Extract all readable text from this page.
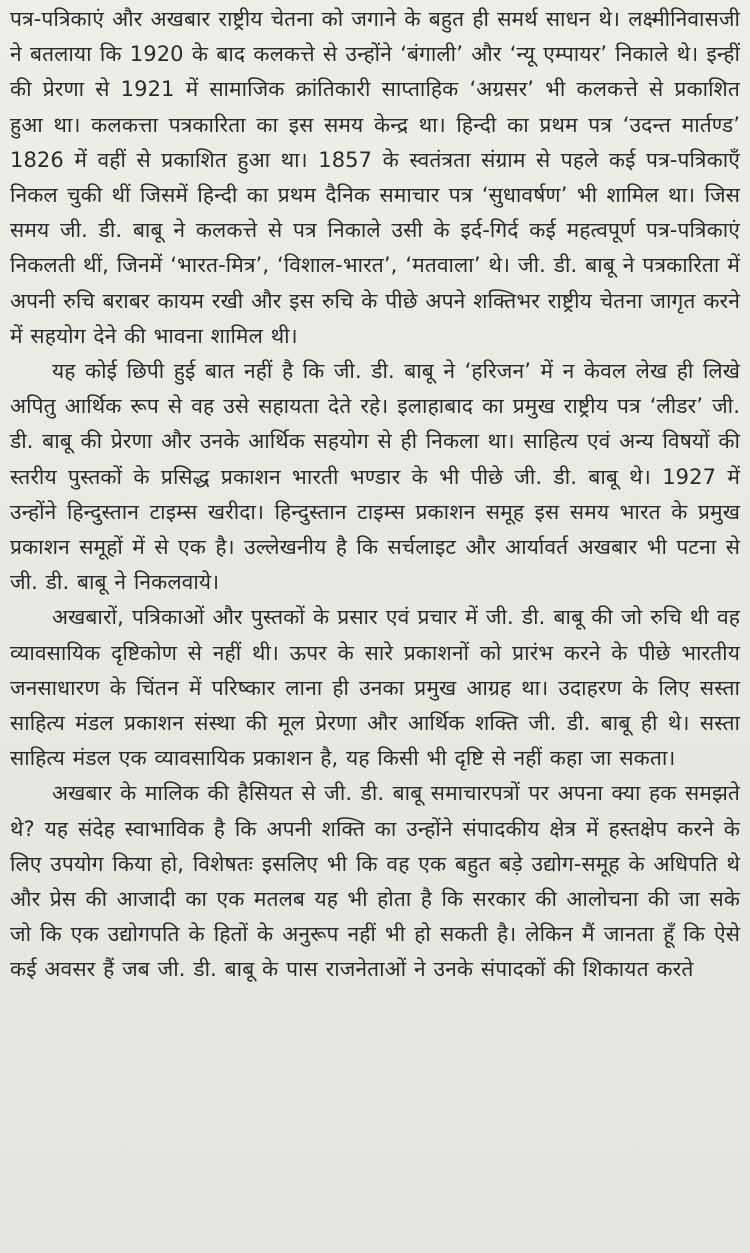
पत्र-पत्रिकाएं और अखबार राष्ट्रीय चेतना को जगाने के बहुत ही समर्थ साधन थे। लक्ष्मीनिवासजी ने बतलाया कि 1920 के बाद कलकत्ते से उन्होंने ‘बंगाली’ और ‘न्यू एम्पायर’ निकाले थे। इन्हीं की प्रेरणा से 1921 में सामाजिक क्रांतिकारी साप्ताहिक ‘अग्रसर’ भी कलकत्ते से प्रकाशित हुआ था। कलकत्ता पत्रकारिता का इस समय केन्द्र था। हिन्दी का प्रथम पत्र ‘उदन्त मार्तण्ड’ 1826 में वहीं से प्रकाशित हुआ था। 1857 के स्वतंत्रता संग्राम से पहले कई पत्र-पत्रिकाएँ निकल चुकी थीं जिसमें हिन्दी का प्रथम दैनिक समाचार पत्र ‘सुधावर्षण’ भी शामिल था। जिस समय जी. डी. बाबू ने कलकत्ते से पत्र निकाले उसी के इर्द-गिर्द कई महत्वपूर्ण पत्र-पत्रिकाएं निकलती थीं, जिनमें ‘भारत-मित्र’, ‘विशाल-भारत’, ‘मतवाला’ थे। जी. डी. बाबू ने पत्रकारिता में अपनी रुचि बराबर कायम रखी और इस रुचि के पीछे अपने शक्तिभर राष्ट्रीय चेतना जागृत करने में सहयोग देने की भावना शामिल थी।

यह कोई छिपी हुई बात नहीं है कि जी. डी. बाबू ने ‘हरिजन’ में न केवल लेख ही लिखे अपितु आर्थिक रूप से वह उसे सहायता देते रहे। इलाहाबाद का प्रमुख राष्ट्रीय पत्र ‘लीडर’ जी. डी. बाबू की प्रेरणा और उनके आर्थिक सहयोग से ही निकला था। साहित्य एवं अन्य विषयों की स्तरीय पुस्तकों के प्रसिद्ध प्रकाशन भारती भण्डार के भी पीछे जी. डी. बाबू थे। 1927 में उन्होंने हिन्दुस्तान टाइम्स खरीदा। हिन्दुस्तान टाइम्स प्रकाशन समूह इस समय भारत के प्रमुख प्रकाशन समूहों में से एक है। उल्लेखनीय है कि सर्चलाइट और आर्यावर्त अखबार भी पटना से जी. डी. बाबू ने निकलवाये।

अखबारों, पत्रिकाओं और पुस्तकों के प्रसार एवं प्रचार में जी. डी. बाबू की जो रुचि थी वह व्यावसायिक दृष्टिकोण से नहीं थी। ऊपर के सारे प्रकाशनों को प्रारंभ करने के पीछे भारतीय जनसाधारण के चिंतन में परिष्कार लाना ही उनका प्रमुख आग्रह था। उदाहरण के लिए सस्ता साहित्य मंडल प्रकाशन संस्था की मूल प्रेरणा और आर्थिक शक्ति जी. डी. बाबू ही थे। सस्ता साहित्य मंडल एक व्यावसायिक प्रकाशन है, यह किसी भी दृष्टि से नहीं कहा जा सकता।

अखबार के मालिक की हैसियत से जी. डी. बाबू समाचारपत्रों पर अपना क्या हक समझते थे? यह संदेह स्वाभाविक है कि अपनी शक्ति का उन्होंने संपादकीय क्षेत्र में हस्तक्षेप करने के लिए उपयोग किया हो, विशेषतः इसलिए भी कि वह एक बहुत बड़े उद्योग-समूह के अधिपति थे और प्रेस की आजादी का एक मतलब यह भी होता है कि सरकार की आलोचना की जा सके जो कि एक उद्योगपति के हितों के अनुरूप नहीं भी हो सकती है। लेकिन मैं जानता हूँ कि ऐसे कई अवसर हैं जब जी. डी. बाबू के पास राजनेताओं ने उनके संपादकों की शिकायत करते
